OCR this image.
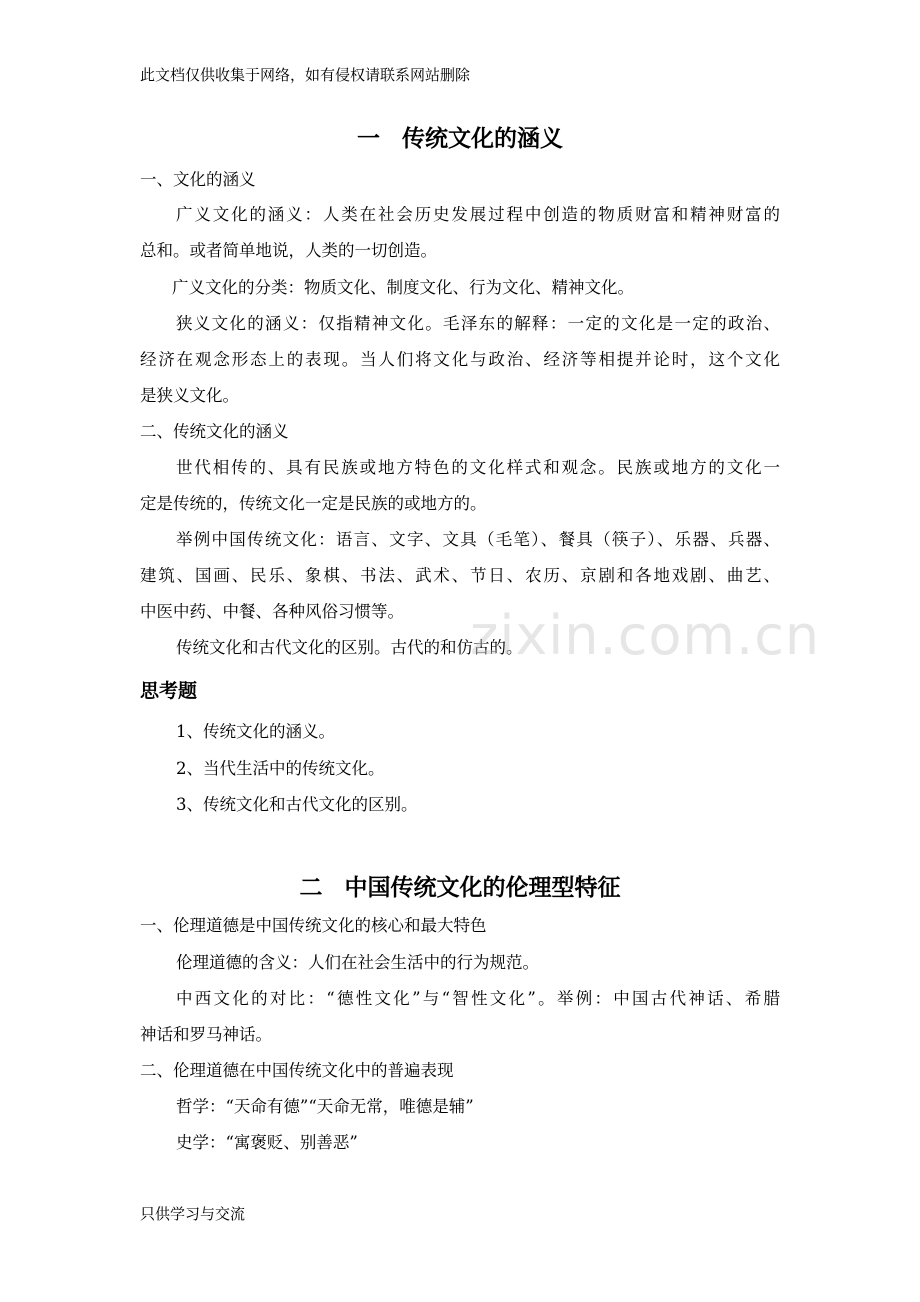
此文档仅供收集于网络，如有侵权请联系网站删除
一 传统文化的涵义
一、文化的涵义
广义文化的涵义：人类在社会历史发展过程中创造的物质财富和精神财富的
总和。或者简单地说，人类的一切创造。
广义文化的分类：物质文化、制度文化、行为文化、精神文化。
狭义文化的涵义：仅指精神文化。毛泽东的解释：一定的文化是一定的政治、
经济在观念形态上的表现。当人们将文化与政治、经济等相提并论时，这个文化
是狭义文化。
二、传统文化的涵义
世代相传的、具有民族或地方特色的文化样式和观念。民族或地方的文化一
定是传统的，传统文化一定是民族的或地方的。
举例中国传统文化：语言、文字、文具（毛笔）、餐具（筷子）、乐器、兵器、
建筑、国画、民乐、象棋、书法、武术、节日、农历、京剧和各地戏剧、曲艺、
中医中药、中餐、各种风俗习惯等。
传统文化和古代文化的区别。古代的和仿古的。
zixin.com.cn
思考题
1、传统文化的涵义。
2、当代生活中的传统文化。
3、传统文化和古代文化的区别。
二 中国传统文化的伦理型特征
一、伦理道德是中国传统文化的核心和最大特色
伦理道德的含义：人们在社会生活中的行为规范。
中西文化的对比：“德性文化”与“智性文化”。举例：中国古代神话、希腊
神话和罗马神话。
二、伦理道德在中国传统文化中的普遍表现
哲学：“天命有德”“天命无常，唯德是辅”
史学：“寓褒贬、别善恶”
只供学习与交流
